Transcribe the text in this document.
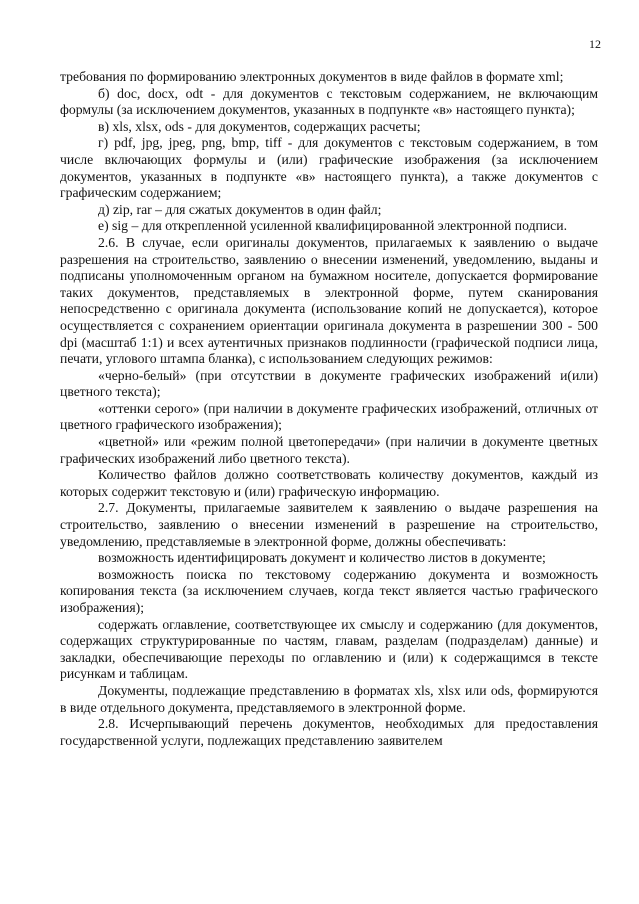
12

требования по формированию электронных документов в виде файлов в формате xml;

б) doc, docx, odt - для документов с текстовым содержанием, не включающим формулы (за исключением документов, указанных в подпункте «в» настоящего пункта);

в) xls, xlsx, ods - для документов, содержащих расчеты;

г) pdf, jpg, jpeg, png, bmp, tiff - для документов с текстовым содержанием, в том числе включающих формулы и (или) графические изображения (за исключением документов, указанных в подпункте «в» настоящего пункта), а также документов с графическим содержанием;

д) zip, rar – для сжатых документов в один файл;

е) sig – для открепленной усиленной квалифицированной электронной подписи.

2.6. В случае, если оригиналы документов, прилагаемых к заявлению о выдаче разрешения на строительство, заявлению о внесении изменений, уведомлению, выданы и подписаны уполномоченным органом на бумажном носителе, допускается формирование таких документов, представляемых в электронной форме, путем сканирования непосредственно с оригинала документа (использование копий не допускается), которое осуществляется с сохранением ориентации оригинала документа в разрешении 300 - 500 dpi (масштаб 1:1) и всех аутентичных признаков подлинности (графической подписи лица, печати, углового штампа бланка), с использованием следующих режимов:

«черно-белый» (при отсутствии в документе графических изображений и(или) цветного текста);

«оттенки серого» (при наличии в документе графических изображений, отличных от цветного графического изображения);

«цветной» или «режим полной цветопередачи» (при наличии в документе цветных графических изображений либо цветного текста).

Количество файлов должно соответствовать количеству документов, каждый из которых содержит текстовую и (или) графическую информацию.

2.7. Документы, прилагаемые заявителем к заявлению о выдаче разрешения на строительство, заявлению о внесении изменений в разрешение на строительство, уведомлению, представляемые в электронной форме, должны обеспечивать:

возможность идентифицировать документ и количество листов в документе;

возможность поиска по текстовому содержанию документа и возможность копирования текста (за исключением случаев, когда текст является частью графического изображения);

содержать оглавление, соответствующее их смыслу и содержанию (для документов, содержащих структурированные по частям, главам, разделам (подразделам) данные) и закладки, обеспечивающие переходы по оглавлению и (или) к содержащимся в тексте рисункам и таблицам.

Документы, подлежащие представлению в форматах xls, xlsx или ods, формируются в виде отдельного документа, представляемого в электронной форме.

2.8. Исчерпывающий перечень документов, необходимых для предоставления государственной услуги, подлежащих представлению заявителем
